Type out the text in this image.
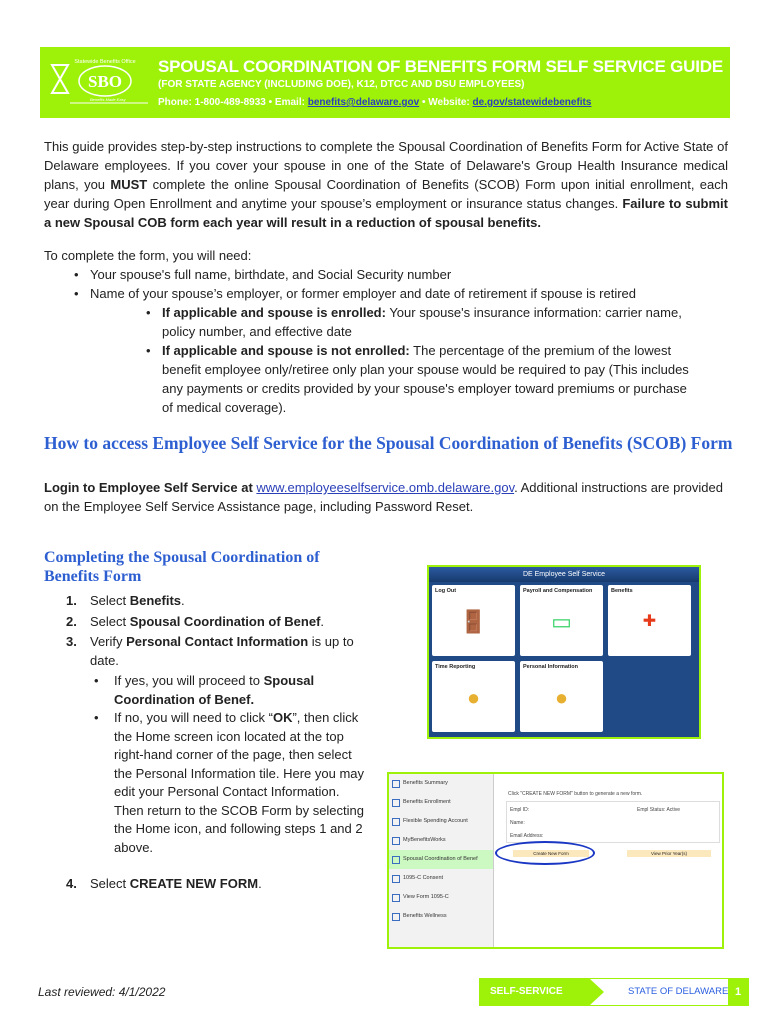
SBO
Statewide Benefits Office
Benefits Made Easy
SPOUSAL COORDINATION OF BENEFITS FORM SELF SERVICE GUIDE
(FOR STATE AGENCY (INCLUDING DOE), K12, DTCC AND DSU EMPLOYEES)
Phone: 1-800-489-8933 • Email: benefits@delaware.gov • Website: de.gov/statewidebenefits

This guide provides step-by-step instructions to complete the Spousal Coordination of Benefits Form for Active State of Delaware employees. If you cover your spouse in one of the State of Delaware's Group Health Insurance medical plans, you MUST complete the online Spousal Coordination of Benefits (SCOB) Form upon initial enrollment, each year during Open Enrollment and anytime your spouse’s employment or insurance status changes. Failure to submit a new Spousal COB form each year will result in a reduction of spousal benefits.

To complete the form, you will need:

• Your spouse's full name, birthdate, and Social Security number
• Name of your spouse’s employer, or former employer and date of retirement if spouse is retired
• If applicable and spouse is enrolled: Your spouse's insurance information: carrier name, policy number, and effective date
• If applicable and spouse is not enrolled: The percentage of the premium of the lowest benefit employee only/retiree only plan your spouse would be required to pay (This includes any payments or credits provided by your spouse's employer toward premiums or purchase of medical coverage).
How to access Employee Self Service for the Spousal Coordination of Benefits (SCOB) Form

Login to Employee Self Service at www.employeeselfservice.omb.delaware.gov. Additional instructions are provided on the Employee Self Service Assistance page, including Password Reset.

Completing the Spousal Coordination of Benefits Form
1. Select Benefits.
2. Select Spousal Coordination of Benef.
3. Verify Personal Contact Information is up to date.
• If yes, you will proceed to Spousal Coordination of Benef.
• If no, you will need to click “OK”, then click the Home screen icon located at the top right-hand corner of the page, then select the Personal Information tile. Here you may edit your Personal Contact Information. Then return to the SCOB Form by selecting the Home icon, and following steps 1 and 2 above.
4. Select CREATE NEW FORM.
DE Employee Self Service
Log Out
🚪
Payroll and Compensation
▭
Benefits
✚
Time Reporting
●
Personal Information
●
Benefits Summary
Benefits Enrollment
Flexible Spending Account
MyBenefitsWorks
Spousal Coordination of Benef
1095-C Consent
View Form 1095-C
Benefits Wellness
Click "CREATE NEW FORM" button to generate a new form.
Empl ID:	Empl Status: Active
Name:
Email Address:
Create New Form	View Prior Year(s)
Last reviewed: 4/1/2022	SELF-SERVICE GUIDE
STATE OF DELAWARE 1
